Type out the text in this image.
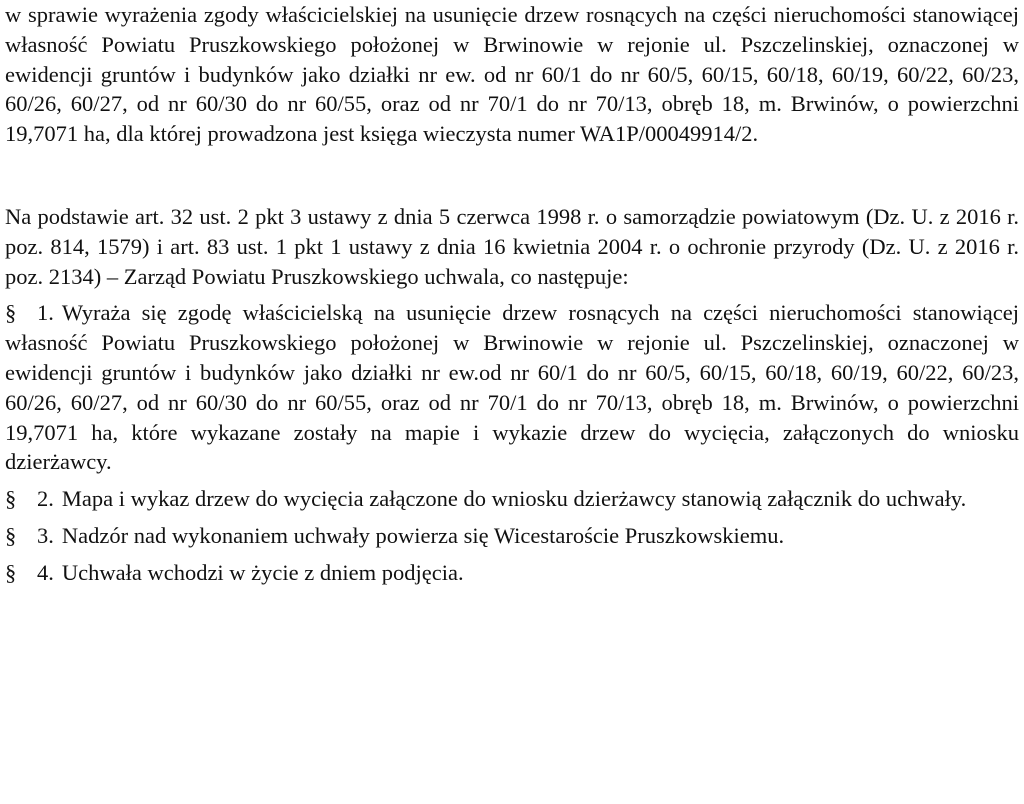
w sprawie wyrażenia zgody właścicielskiej na usunięcie drzew rosnących na części nieruchomości stanowiącej własność Powiatu Pruszkowskiego położonej w Brwinowie w rejonie ul. Pszczelinskiej, oznaczonej w ewidencji gruntów i budynków jako działki nr ew. od nr 60/1 do nr 60/5, 60/15, 60/18, 60/19, 60/22, 60/23, 60/26, 60/27, od nr 60/30 do nr 60/55, oraz od nr 70/1 do nr 70/13, obręb 18, m. Brwinów, o powierzchni 19,7071 ha, dla której prowadzona jest księga wieczysta numer WA1P/00049914/2.

Na podstawie art. 32 ust. 2 pkt 3 ustawy z dnia 5 czerwca 1998 r. o samorządzie powiatowym (Dz. U. z 2016 r. poz. 814, 1579) i art. 83 ust. 1 pkt 1 ustawy z dnia 16 kwietnia 2004 r. o ochronie przyrody (Dz. U. z 2016 r. poz. 2134) – Zarząd Powiatu Pruszkowskiego uchwala, co następuje:

§ 1. Wyraża się zgodę właścicielską na usunięcie drzew rosnących na części nieruchomości stanowiącej własność Powiatu Pruszkowskiego położonej w Brwinowie w rejonie ul. Pszczelinskiej, oznaczonej w ewidencji gruntów i budynków jako działki nr ew.od nr 60/1 do nr 60/5, 60/15, 60/18, 60/19, 60/22, 60/23, 60/26, 60/27, od nr 60/30 do nr 60/55, oraz od nr 70/1 do nr 70/13, obręb 18, m. Brwinów, o powierzchni 19,7071 ha, które wykazane zostały na mapie i wykazie drzew do wycięcia, załączonych do wniosku dzierżawcy.

§ 2. Mapa i wykaz drzew do wycięcia załączone do wniosku dzierżawcy stanowią załącznik do uchwały.

§ 3. Nadzór nad wykonaniem uchwały powierza się Wicestaroście Pruszkowskiemu.

§ 4. Uchwała wchodzi w życie z dniem podjęcia.
